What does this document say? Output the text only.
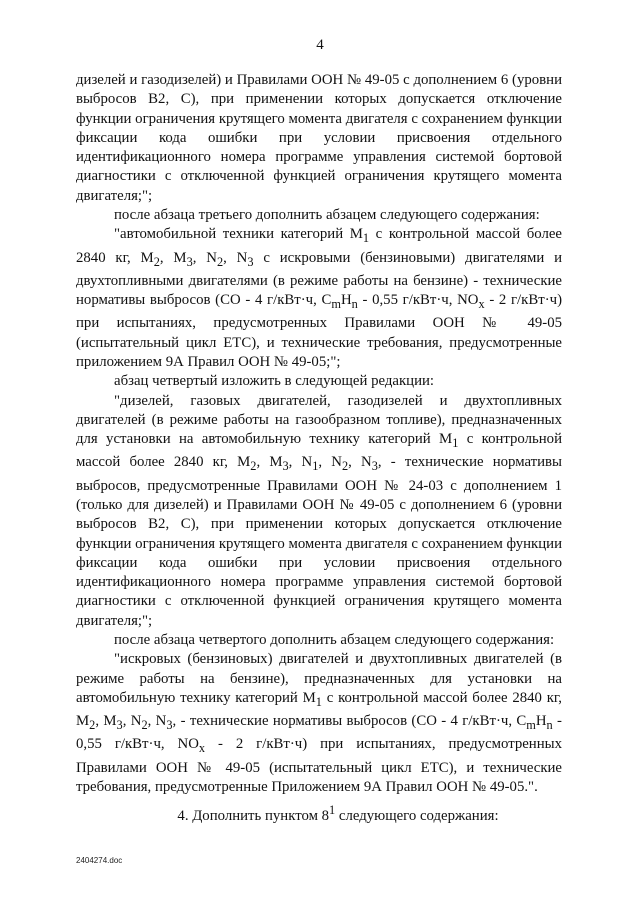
4

дизелей и газодизелей) и Правилами ООН № 49-05 с дополнением 6 (уровни выбросов В2, С), при применении которых допускается отключение функции ограничения крутящего момента двигателя с сохранением функции фиксации кода ошибки при условии присвоения отдельного идентификационного номера программе управления системой бортовой диагностики с отключенной функцией ограничения крутящего момента двигателя;";

после абзаца третьего дополнить абзацем следующего содержания:

"автомобильной техники категорий $M_1$ с контрольной массой более 2840 кг, $M_2$, $M_3$, $N_2$, $N_3$ с искровыми (бензиновыми) двигателями и двухтопливными двигателями (в режиме работы на бензине) - технические нормативы выбросов (CO - 4 г/кВт·ч, $C_mH_n - 0,55$ г/кВт·ч, $NO_x - 2$ г/кВт·ч) при испытаниях, предусмотренных Правилами ООН № 49-05 (испытательный цикл ETC), и технические требования, предусмотренные приложением 9А Правил ООН № 49-05;";

абзац четвертый изложить в следующей редакции:

"дизелей, газовых двигателей, газодизелей и двухтопливных двигателей (в режиме работы на газообразном топливе), предназначенных для установки на автомобильную технику категорий $M_1$ с контрольной массой более 2840 кг, $M_2$, $M_3$, $N_1$, $N_2$, $N_3$, - технические нормативы выбросов, предусмотренные Правилами ООН № 24-03 с дополнением 1 (только для дизелей) и Правилами ООН № 49-05 с дополнением 6 (уровни выбросов В2, С), при применении которых допускается отключение функции ограничения крутящего момента двигателя с сохранением функции фиксации кода ошибки при условии присвоения отдельного идентификационного номера программе управления системой бортовой диагностики с отключенной функцией ограничения крутящего момента двигателя;";

после абзаца четвертого дополнить абзацем следующего содержания:

"искровых (бензиновых) двигателей и двухтопливных двигателей (в режиме работы на бензине), предназначенных для установки на автомобильную технику категорий $M_1$ с контрольной массой более 2840 кг, $M_2$, $M_3$, $N_2$, $N_3$, - технические нормативы выбросов (CO - 4 г/кВт·ч, $C_mH_n - 0,55$ г/кВт·ч, $NO_x - 2$ г/кВт·ч) при испытаниях, предусмотренных Правилами ООН № 49-05 (испытательный цикл ETC), и технические требования, предусмотренные Приложением 9А Правил ООН № 49-05.".

4. Дополнить пунктом $8^1$ следующего содержания:

2404274.doc
